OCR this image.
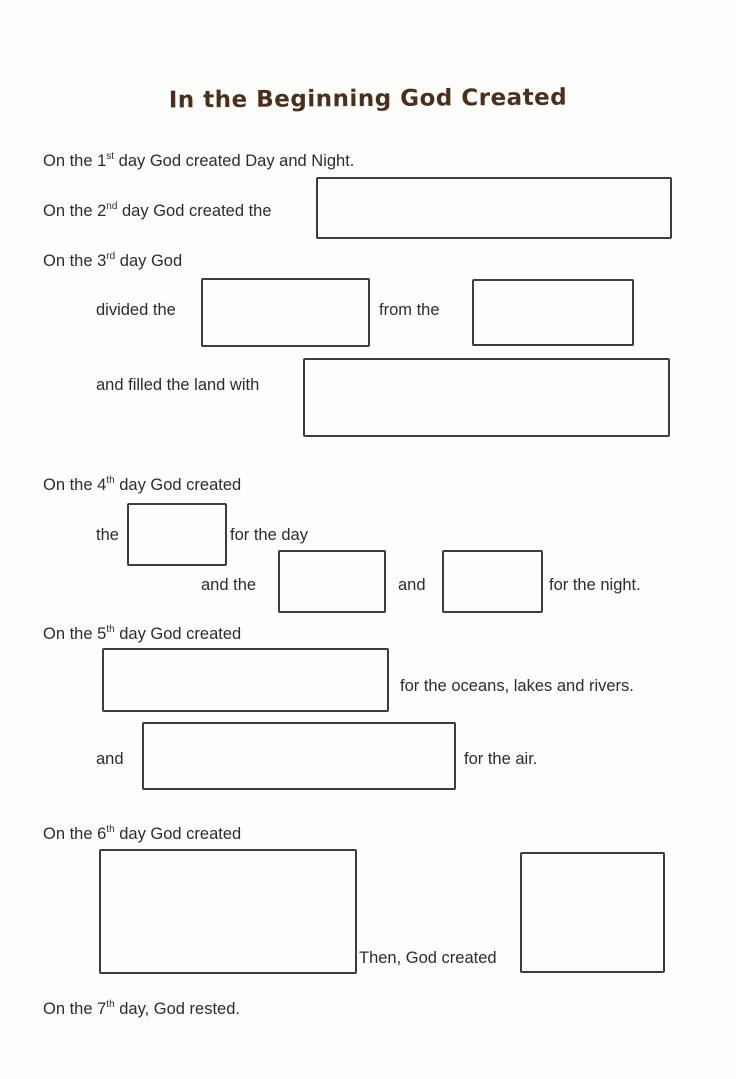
In the Beginning God Created
On the 1st day God created Day and Night.
On the 2nd day God created the
On the 3rd day God
divided the	from the
and filled the land with
On the 4th day God created
the	for the day
and the	and	for the night.
On the 5th day God created
for the oceans, lakes and rivers.
and	for the air.
On the 6th day God created
Then, God created
On the 7th day, God rested.
